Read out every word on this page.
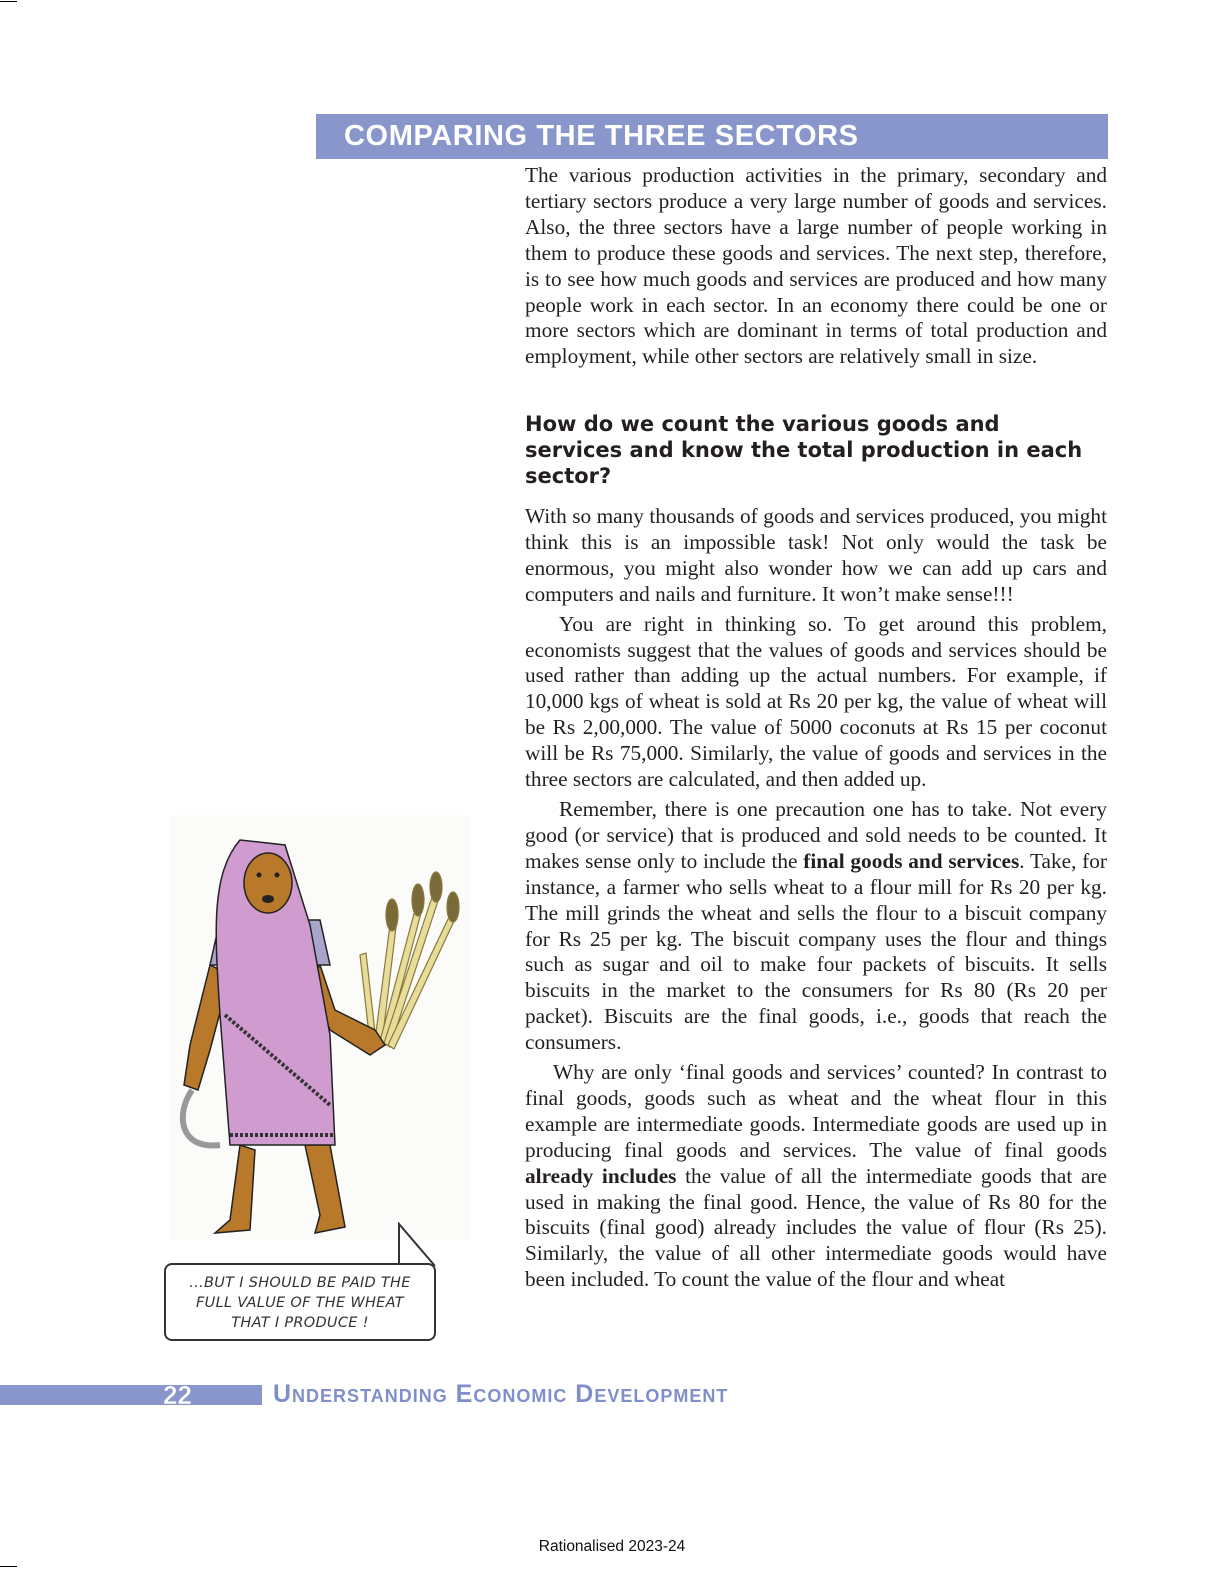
COMPARING THE THREE SECTORS

The various production activities in the primary, secondary and tertiary sectors produce a very large number of goods and services. Also, the three sectors have a large number of people working in them to produce these goods and services. The next step, therefore, is to see how much goods and services are produced and how many people work in each sector. In an economy there could be one or more sectors which are dominant in terms of total production and employment, while other sectors are relatively small in size.

How do we count the various goods and services and know the total production in each sector?

With so many thousands of goods and services produced, you might think this is an impossible task! Not only would the task be enormous, you might also wonder how we can add up cars and computers and nails and furniture. It won’t make sense!!!

You are right in thinking so. To get around this problem, economists suggest that the values of goods and services should be used rather than adding up the actual numbers. For example, if 10,000 kgs of wheat is sold at Rs 20 per kg, the value of wheat will be Rs 2,00,000. The value of 5000 coconuts at Rs 15 per coconut will be Rs 75,000. Similarly, the value of goods and services in the three sectors are calculated, and then added up.

Remember, there is one precaution one has to take. Not every good (or service) that is produced and sold needs to be counted. It makes sense only to include the final goods and services. Take, for instance, a farmer who sells wheat to a flour mill for Rs 20 per kg. The mill grinds the wheat and sells the flour to a biscuit company for Rs 25 per kg. The biscuit company uses the flour and things such as sugar and oil to make four packets of biscuits. It sells biscuits in the market to the consumers for Rs 80 (Rs 20 per packet). Biscuits are the final goods, i.e., goods that reach the consumers.

Why are only ‘final goods and services’ counted? In contrast to final goods, goods such as wheat and the wheat flour in this example are intermediate goods. Intermediate goods are used up in producing final goods and services. The value of final goods already includes the value of all the intermediate goods that are used in making the final good. Hence, the value of Rs 80 for the biscuits (final good) already includes the value of flour (Rs 25). Similarly, the value of all other intermediate goods would have been included. To count the value of the flour and wheat

...BUT I SHOULD BE PAID THE
FULL VALUE OF THE WHEAT
THAT I PRODUCE !
22	Understanding Economic Development
Rationalised 2023-24
